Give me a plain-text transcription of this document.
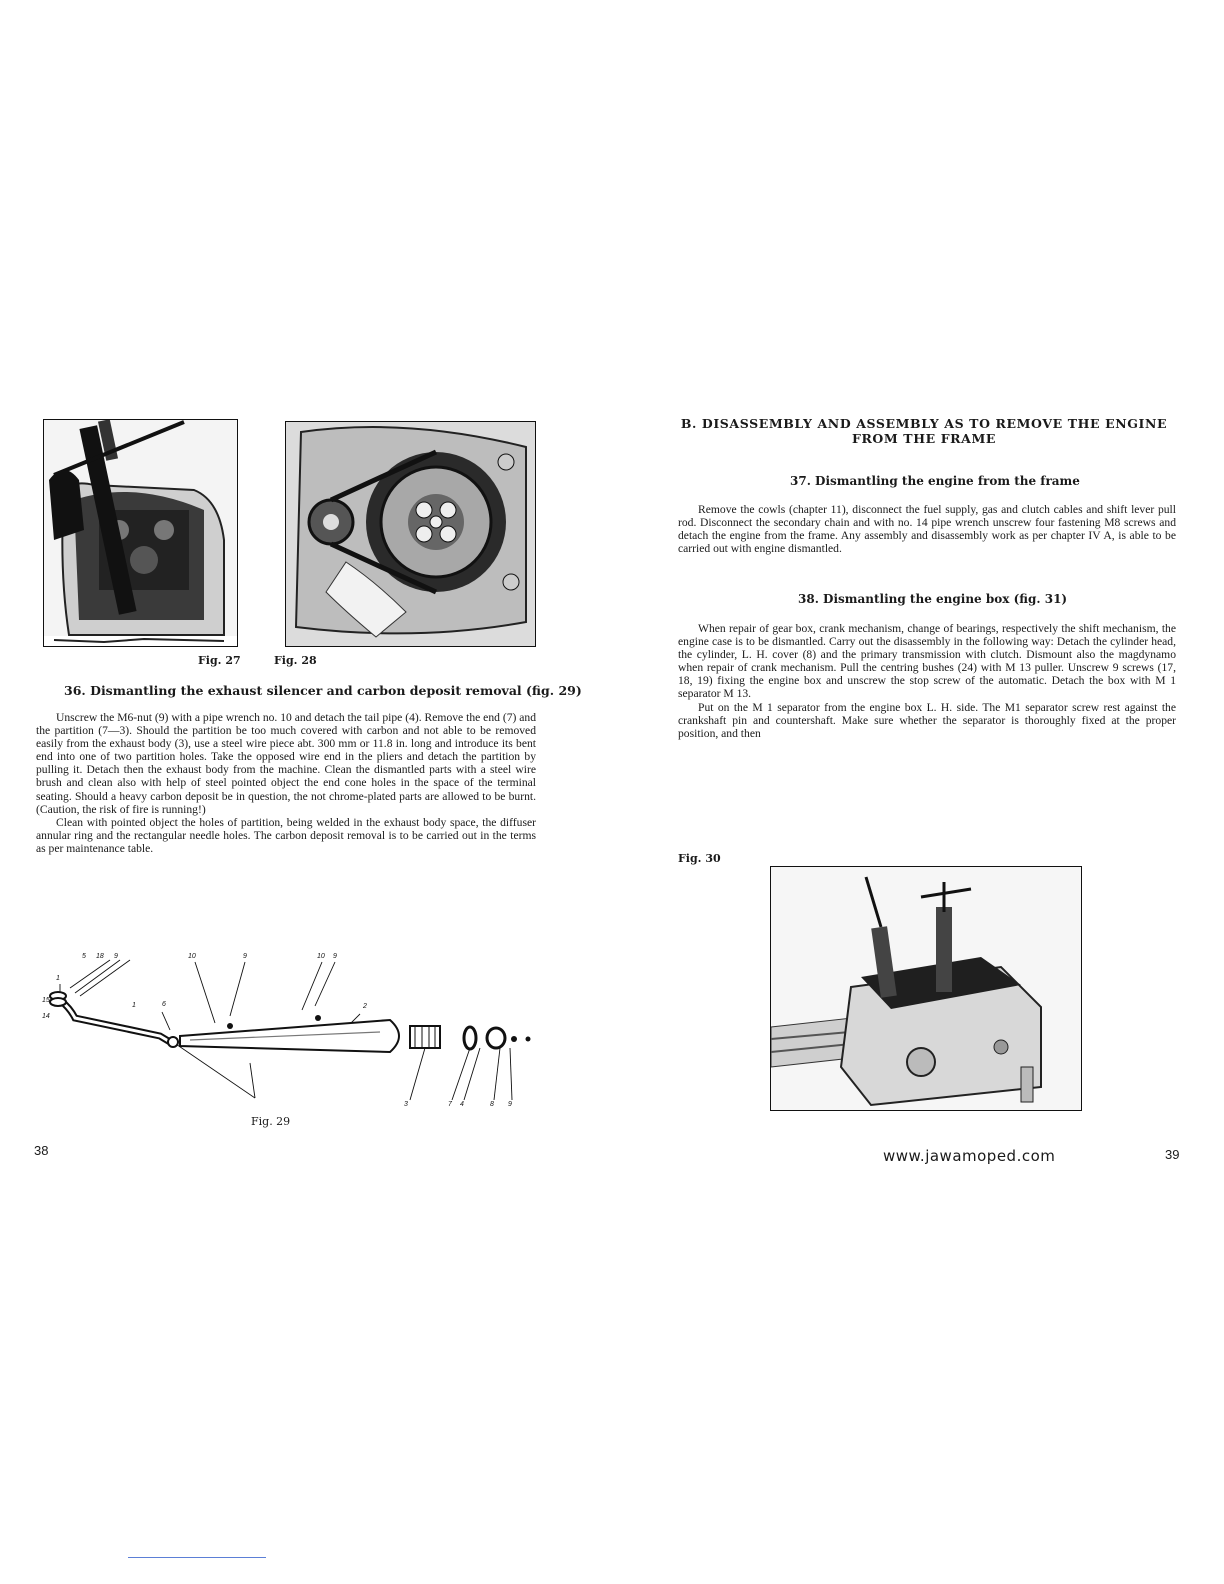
Fig. 27	Fig. 28
36. Dismantling the exhaust silencer and carbon deposit removal (fig. 29)

Unscrew the M6-nut (9) with a pipe wrench no. 10 and detach the tail pipe (4). Remove the end (7) and the partition (7—3). Should the partition be too much covered with carbon and not able to be removed easily from the exhaust body (3), use a steel wire piece abt. 300 mm or 11.8 in. long and introduce its bent end into one of two partition holes. Take the opposed wire end in the pliers and detach the partition by pulling it. Detach then the exhaust body from the machine. Clean the dismantled parts with a steel wire brush and clean also with help of steel pointed object the end cone holes in the space of the terminal seating. Should a heavy carbon deposit be in question, the not chrome-plated parts are allowed to be burnt. (Caution, the risk of fire is running!)

Clean with pointed object the holes of partition, being welded in the exhaust body space, the diffuser annular ring and the rectangular needle holes. The carbon deposit removal is to be carried out in the terms as per maintenance table.

5 18 9	10	9	10 9
1
15
14
1	6	2
3	7 4	8 9
Fig. 29
38
B. DISASSEMBLY AND ASSEMBLY AS TO REMOVE THE ENGINE
FROM THE FRAME
37. Dismantling the engine from the frame

Remove the cowls (chapter 11), disconnect the fuel supply, gas and clutch cables and shift lever pull rod. Disconnect the secondary chain and with no. 14 pipe wrench unscrew four fastening M8 screws and detach the engine from the frame. Any assembly and disassembly work as per chapter IV A, is able to be carried out with engine dismantled.

38. Dismantling the engine box (fig. 31)

When repair of gear box, crank mechanism, change of bearings, respectively the shift mechanism, the engine case is to be dismantled. Carry out the disassembly in the following way: Detach the cylinder head, the cylinder, L. H. cover (8) and the primary transmission with clutch. Dismount also the magdynamo when repair of crank mechanism. Pull the centring bushes (24) with M 13 puller. Unscrew 9 screws (17, 18, 19) fixing the engine box and unscrew the stop screw of the automatic. Detach the box with M 1 separator M 13.

Put on the M 1 separator from the engine box L. H. side. The M1 separator screw rest against the crankshaft pin and countershaft. Make sure whether the separator is thoroughly fixed at the proper position, and then

Fig. 30
www.jawamoped.com	39
